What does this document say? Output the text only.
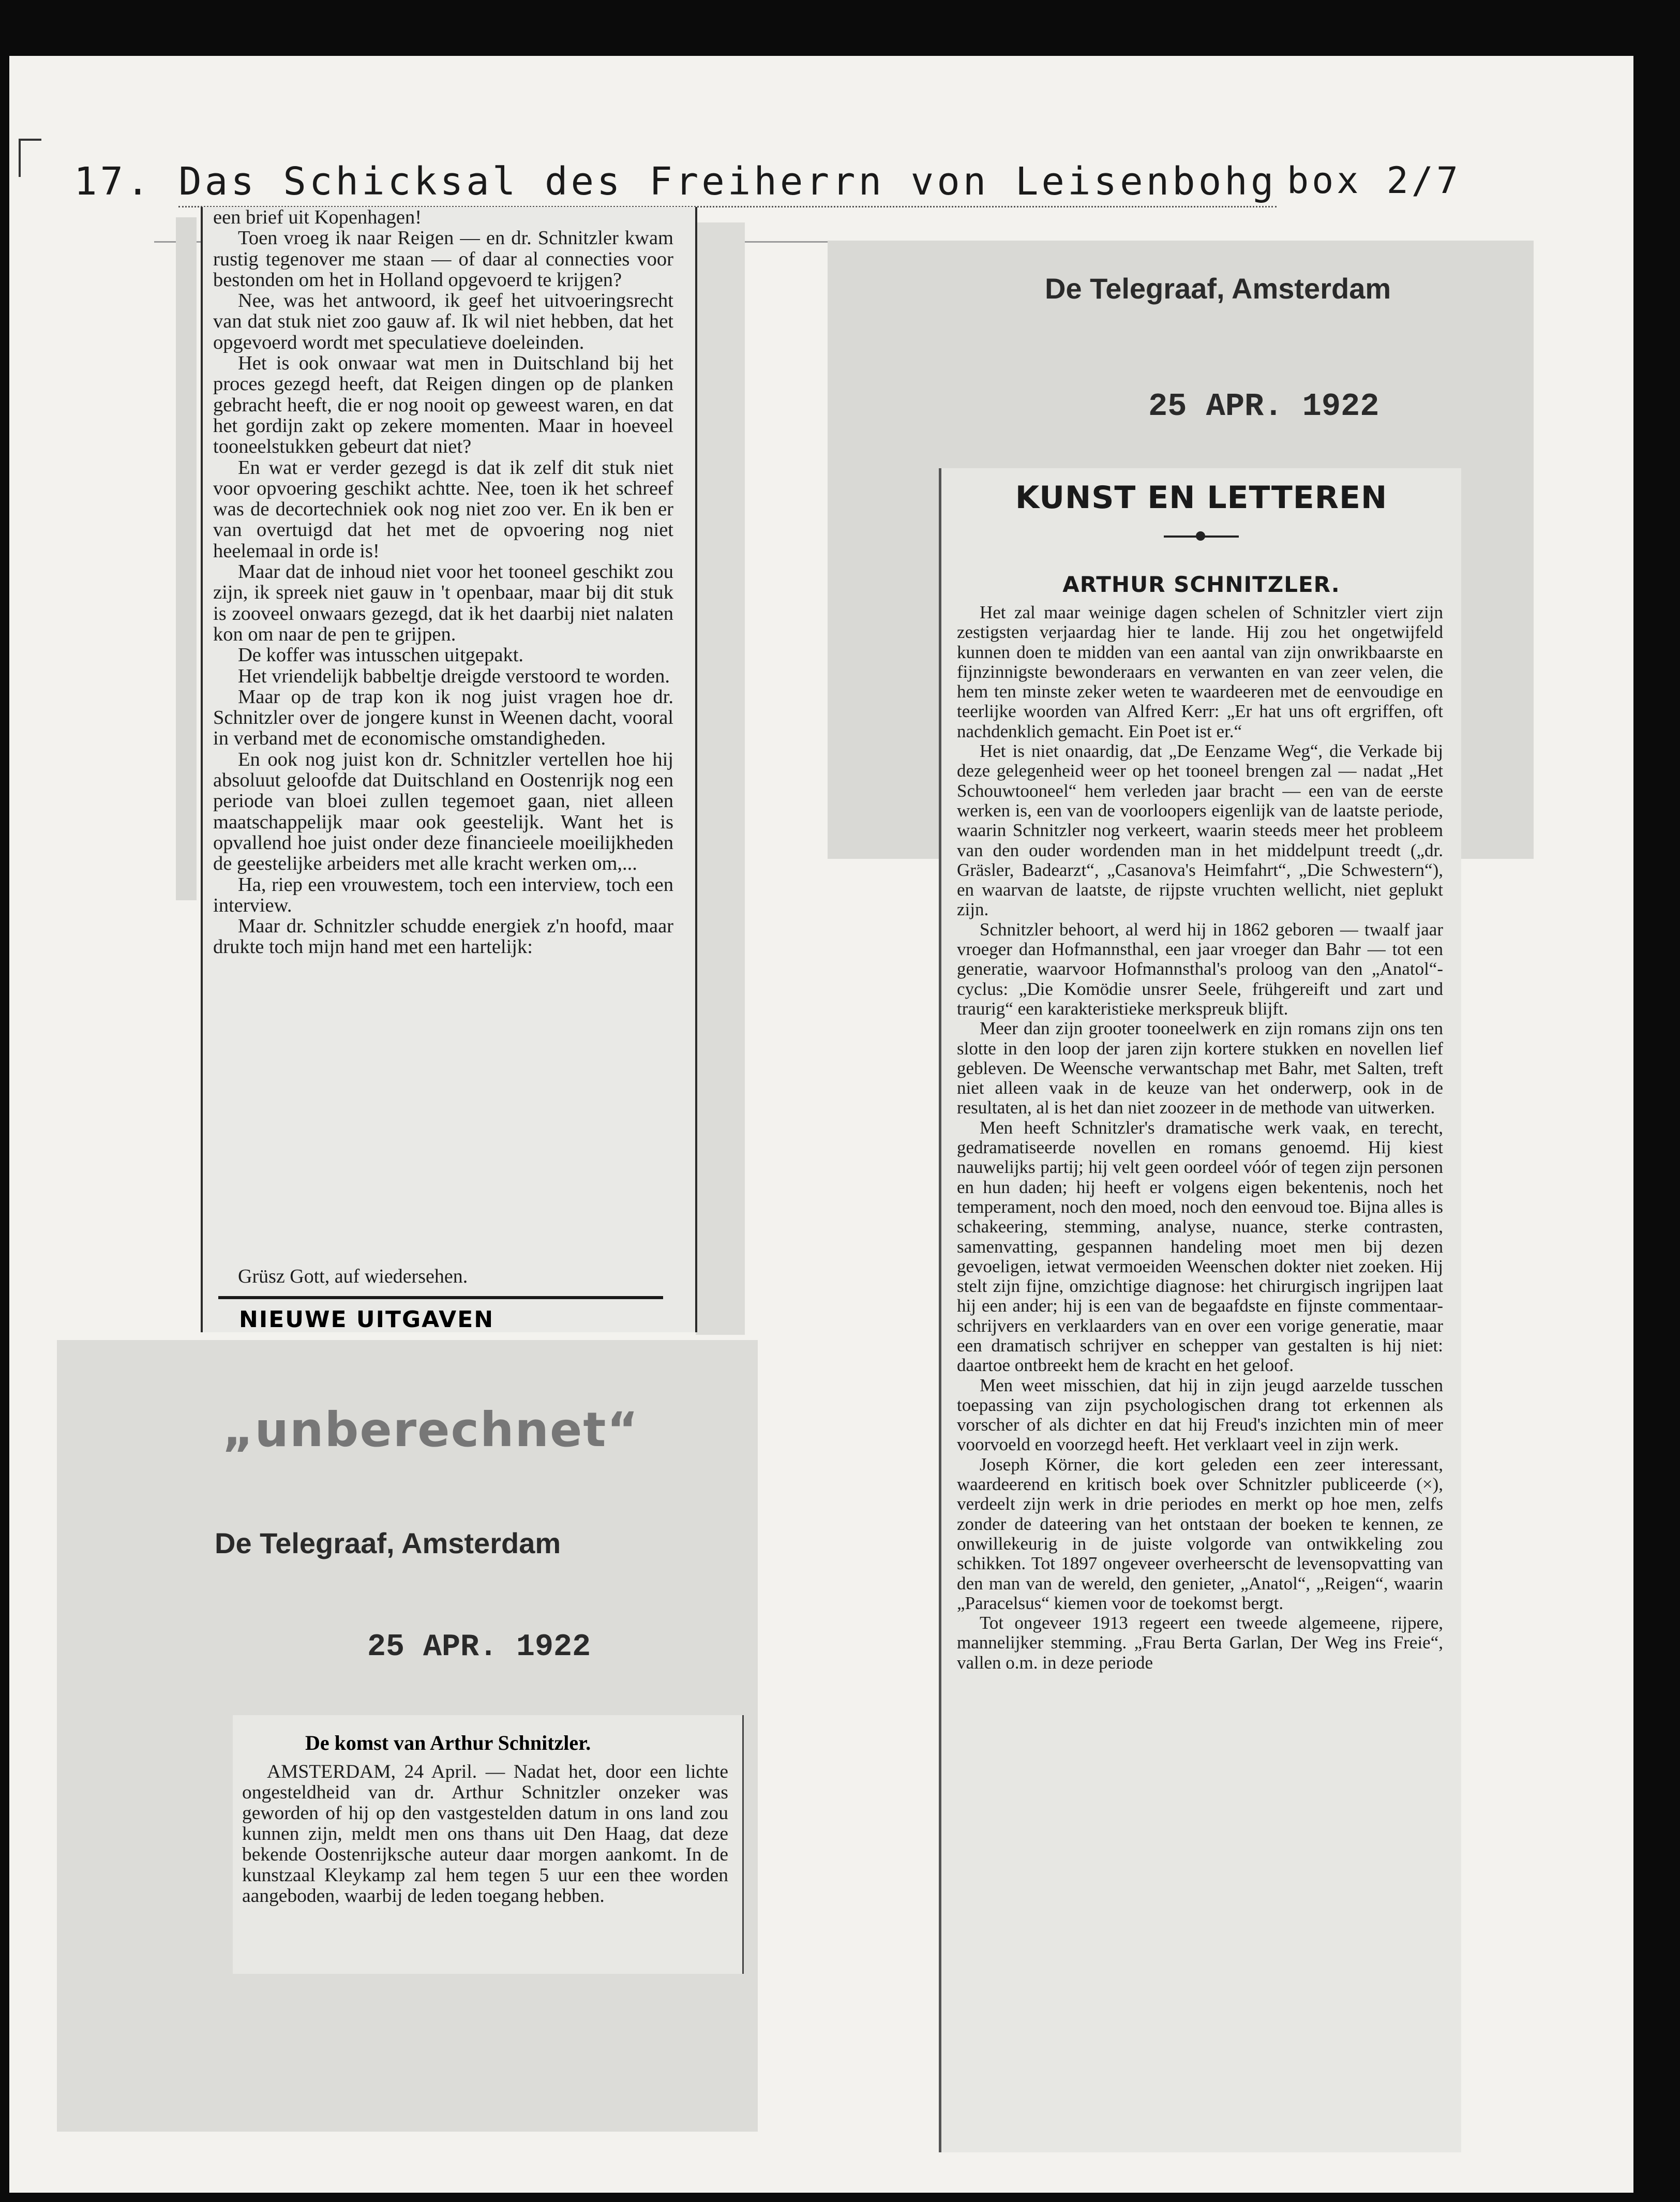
17. Das Schicksal des Freiherrn von Leisenbohg box 2/7

een brief uit Kopenhagen!

Toen vroeg ik naar Reigen — en dr. Schnitzler kwam rustig tegenover me staan — of daar al connecties voor bestonden om het in Holland opgevoerd te krijgen?

Nee, was het antwoord, ik geef het uitvoeringsrecht van dat stuk niet zoo gauw af. Ik wil niet hebben, dat het opgevoerd wordt met speculatieve doeleinden.

Het is ook onwaar wat men in Duitschland bij het proces gezegd heeft, dat Reigen dingen op de planken gebracht heeft, die er nog nooit op geweest waren, en dat het gordijn zakt op zekere momenten. Maar in hoeveel tooneelstukken gebeurt dat niet?

En wat er verder gezegd is dat ik zelf dit stuk niet voor opvoering geschikt achtte. Nee, toen ik het schreef was de decortechniek ook nog niet zoo ver. En ik ben er van overtuigd dat het met de opvoering nog niet heelemaal in orde is!

Maar dat de inhoud niet voor het tooneel geschikt zou zijn, ik spreek niet gauw in 't openbaar, maar bij dit stuk is zooveel onwaars gezegd, dat ik het daarbij niet nalaten kon om naar de pen te grijpen.

De koffer was intusschen uitgepakt.

Het vriendelijk babbeltje dreigde verstoord te worden.

Maar op de trap kon ik nog juist vragen hoe dr. Schnitzler over de jongere kunst in Weenen dacht, vooral in verband met de economische omstandigheden.

En ook nog juist kon dr. Schnitzler vertellen hoe hij absoluut geloofde dat Duitschland en Oostenrijk nog een periode van bloei zullen tegemoet gaan, niet alleen maatschappelijk maar ook geestelijk. Want het is opvallend hoe juist onder deze financieele moeilijkheden de geestelijke arbeiders met alle kracht werken om,...

Ha, riep een vrouwestem, toch een interview, toch een interview.

Maar dr. Schnitzler schudde energiek z'n hoofd, maar drukte toch mijn hand met een hartelijk:

Grüsz Gott, auf wiedersehen.
NIEUWE UITGAVEN
„unberechnet“
De Telegraaf, Amsterdam
25 APR. 1922
De komst van Arthur Schnitzler.
AMSTERDAM, 24 April. — Nadat het, door een lichte ongesteldheid van dr. Arthur Schnitzler onzeker was geworden of hij op den vastgestelden datum in ons land zou kunnen zijn, meldt men ons thans uit Den Haag, dat deze bekende Oostenrijksche auteur daar morgen aankomt. In de kunstzaal Kleykamp zal hem tegen 5 uur een thee worden aangeboden, waarbij de leden toegang hebben.
De Telegraaf, Amsterdam
25 APR. 1922
KUNST EN LETTEREN
ARTHUR SCHNITZLER.

Het zal maar weinige dagen schelen of Schnitzler viert zijn zestigsten verjaardag hier te lande. Hij zou het ongetwijfeld kunnen doen te midden van een aantal van zijn onwrikbaarste en fijnzinnigste bewonderaars en verwanten en van zeer velen, die hem ten minste zeker weten te waardeeren met de eenvoudige en teerlijke woorden van Alfred Kerr: „Er hat uns oft ergriffen, oft nachdenklich gemacht. Ein Poet ist er.“

Het is niet onaardig, dat „De Eenzame Weg“, die Verkade bij deze gelegenheid weer op het tooneel brengen zal — nadat „Het Schouwtooneel“ hem verleden jaar bracht — een van de eerste werken is, een van de voorloopers eigenlijk van de laatste periode, waarin Schnitzler nog verkeert, waarin steeds meer het probleem van den ouder wordenden man in het middelpunt treedt („dr. Gräsler, Badearzt“, „Casanova's Heimfahrt“, „Die Schwestern“), en waarvan de laatste, de rijpste vruchten wellicht, niet geplukt zijn.

Schnitzler behoort, al werd hij in 1862 geboren — twaalf jaar vroeger dan Hofmannsthal, een jaar vroeger dan Bahr — tot een generatie, waarvoor Hofmannsthal's proloog van den „Anatol“-cyclus: „Die Komödie unsrer Seele, frühgereift und zart und traurig“ een karakteristieke merkspreuk blijft.

Meer dan zijn grooter tooneelwerk en zijn romans zijn ons ten slotte in den loop der jaren zijn kortere stukken en novellen lief gebleven. De Weensche verwantschap met Bahr, met Salten, treft niet alleen vaak in de keuze van het onderwerp, ook in de resultaten, al is het dan niet zoozeer in de methode van uitwerken.

Men heeft Schnitzler's dramatische werk vaak, en terecht, gedramatiseerde novellen en romans genoemd. Hij kiest nauwelijks partij; hij velt geen oordeel vóór of tegen zijn personen en hun daden; hij heeft er volgens eigen bekentenis, noch het temperament, noch den moed, noch den eenvoud toe. Bijna alles is schakeering, stemming, analyse, nuance, sterke contrasten, samenvatting, gespannen handeling moet men bij dezen gevoeligen, ietwat vermoeiden Weenschen dokter niet zoeken. Hij stelt zijn fijne, omzichtige diagnose: het chirurgisch ingrijpen laat hij een ander; hij is een van de begaafdste en fijnste commentaar-schrijvers en verklaarders van en over een vorige generatie, maar een dramatisch schrijver en schepper van gestalten is hij niet: daartoe ontbreekt hem de kracht en het geloof.

Men weet misschien, dat hij in zijn jeugd aarzelde tusschen toepassing van zijn psychologischen drang tot erkennen als vorscher of als dichter en dat hij Freud's inzichten min of meer voorvoeld en voorzegd heeft. Het verklaart veel in zijn werk.

Joseph Körner, die kort geleden een zeer interessant, waardeerend en kritisch boek over Schnitzler publiceerde (×), verdeelt zijn werk in drie periodes en merkt op hoe men, zelfs zonder de dateering van het ontstaan der boeken te kennen, ze onwillekeurig in de juiste volgorde van ontwikkeling zou schikken. Tot 1897 ongeveer overheerscht de levensopvatting van den man van de wereld, den genieter, „Anatol“, „Reigen“, waarin „Paracelsus“ kiemen voor de toekomst bergt.

Tot ongeveer 1913 regeert een tweede algemeene, rijpere, mannelijker stemming. „Frau Berta Garlan, Der Weg ins Freie“, vallen o.m. in deze periode
